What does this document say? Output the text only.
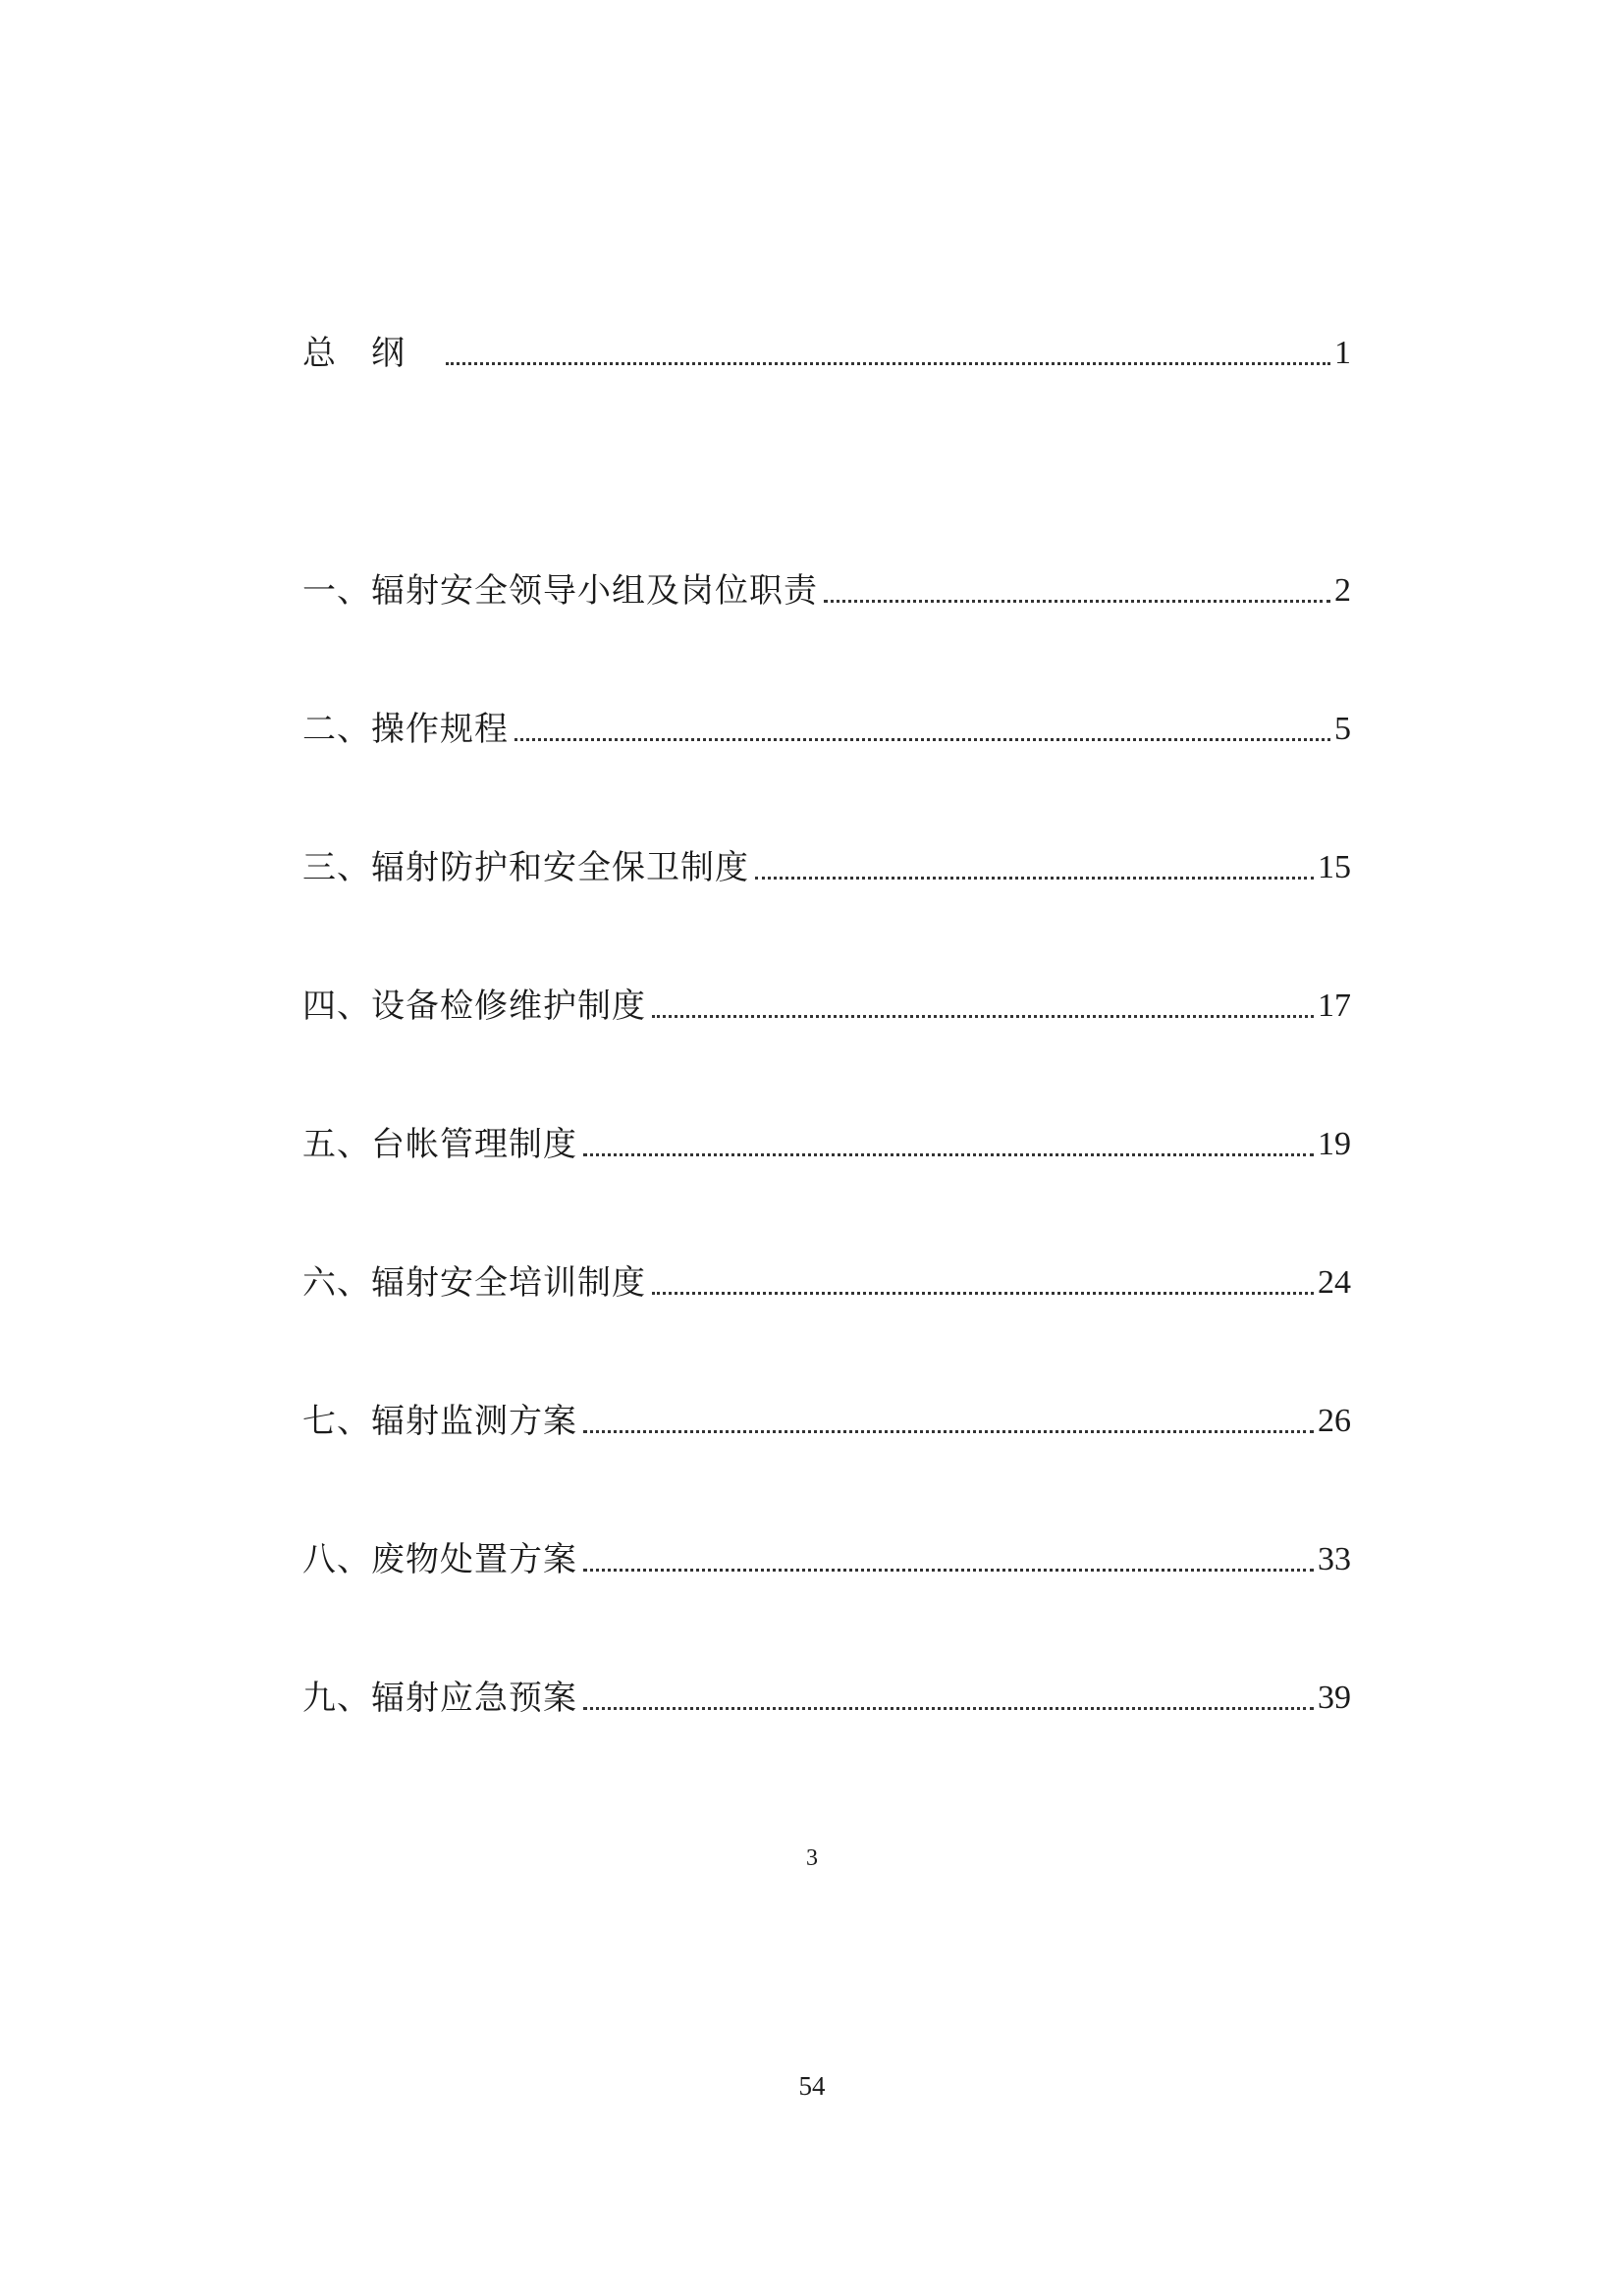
总纲	1
一、辐射安全领导小组及岗位职责	2
二、操作规程	5
三、辐射防护和安全保卫制度	15
四、设备检修维护制度	17
五、台帐管理制度	19
六、辐射安全培训制度	24
七、辐射监测方案	26
八、废物处置方案	33
九、辐射应急预案	39
3
54
